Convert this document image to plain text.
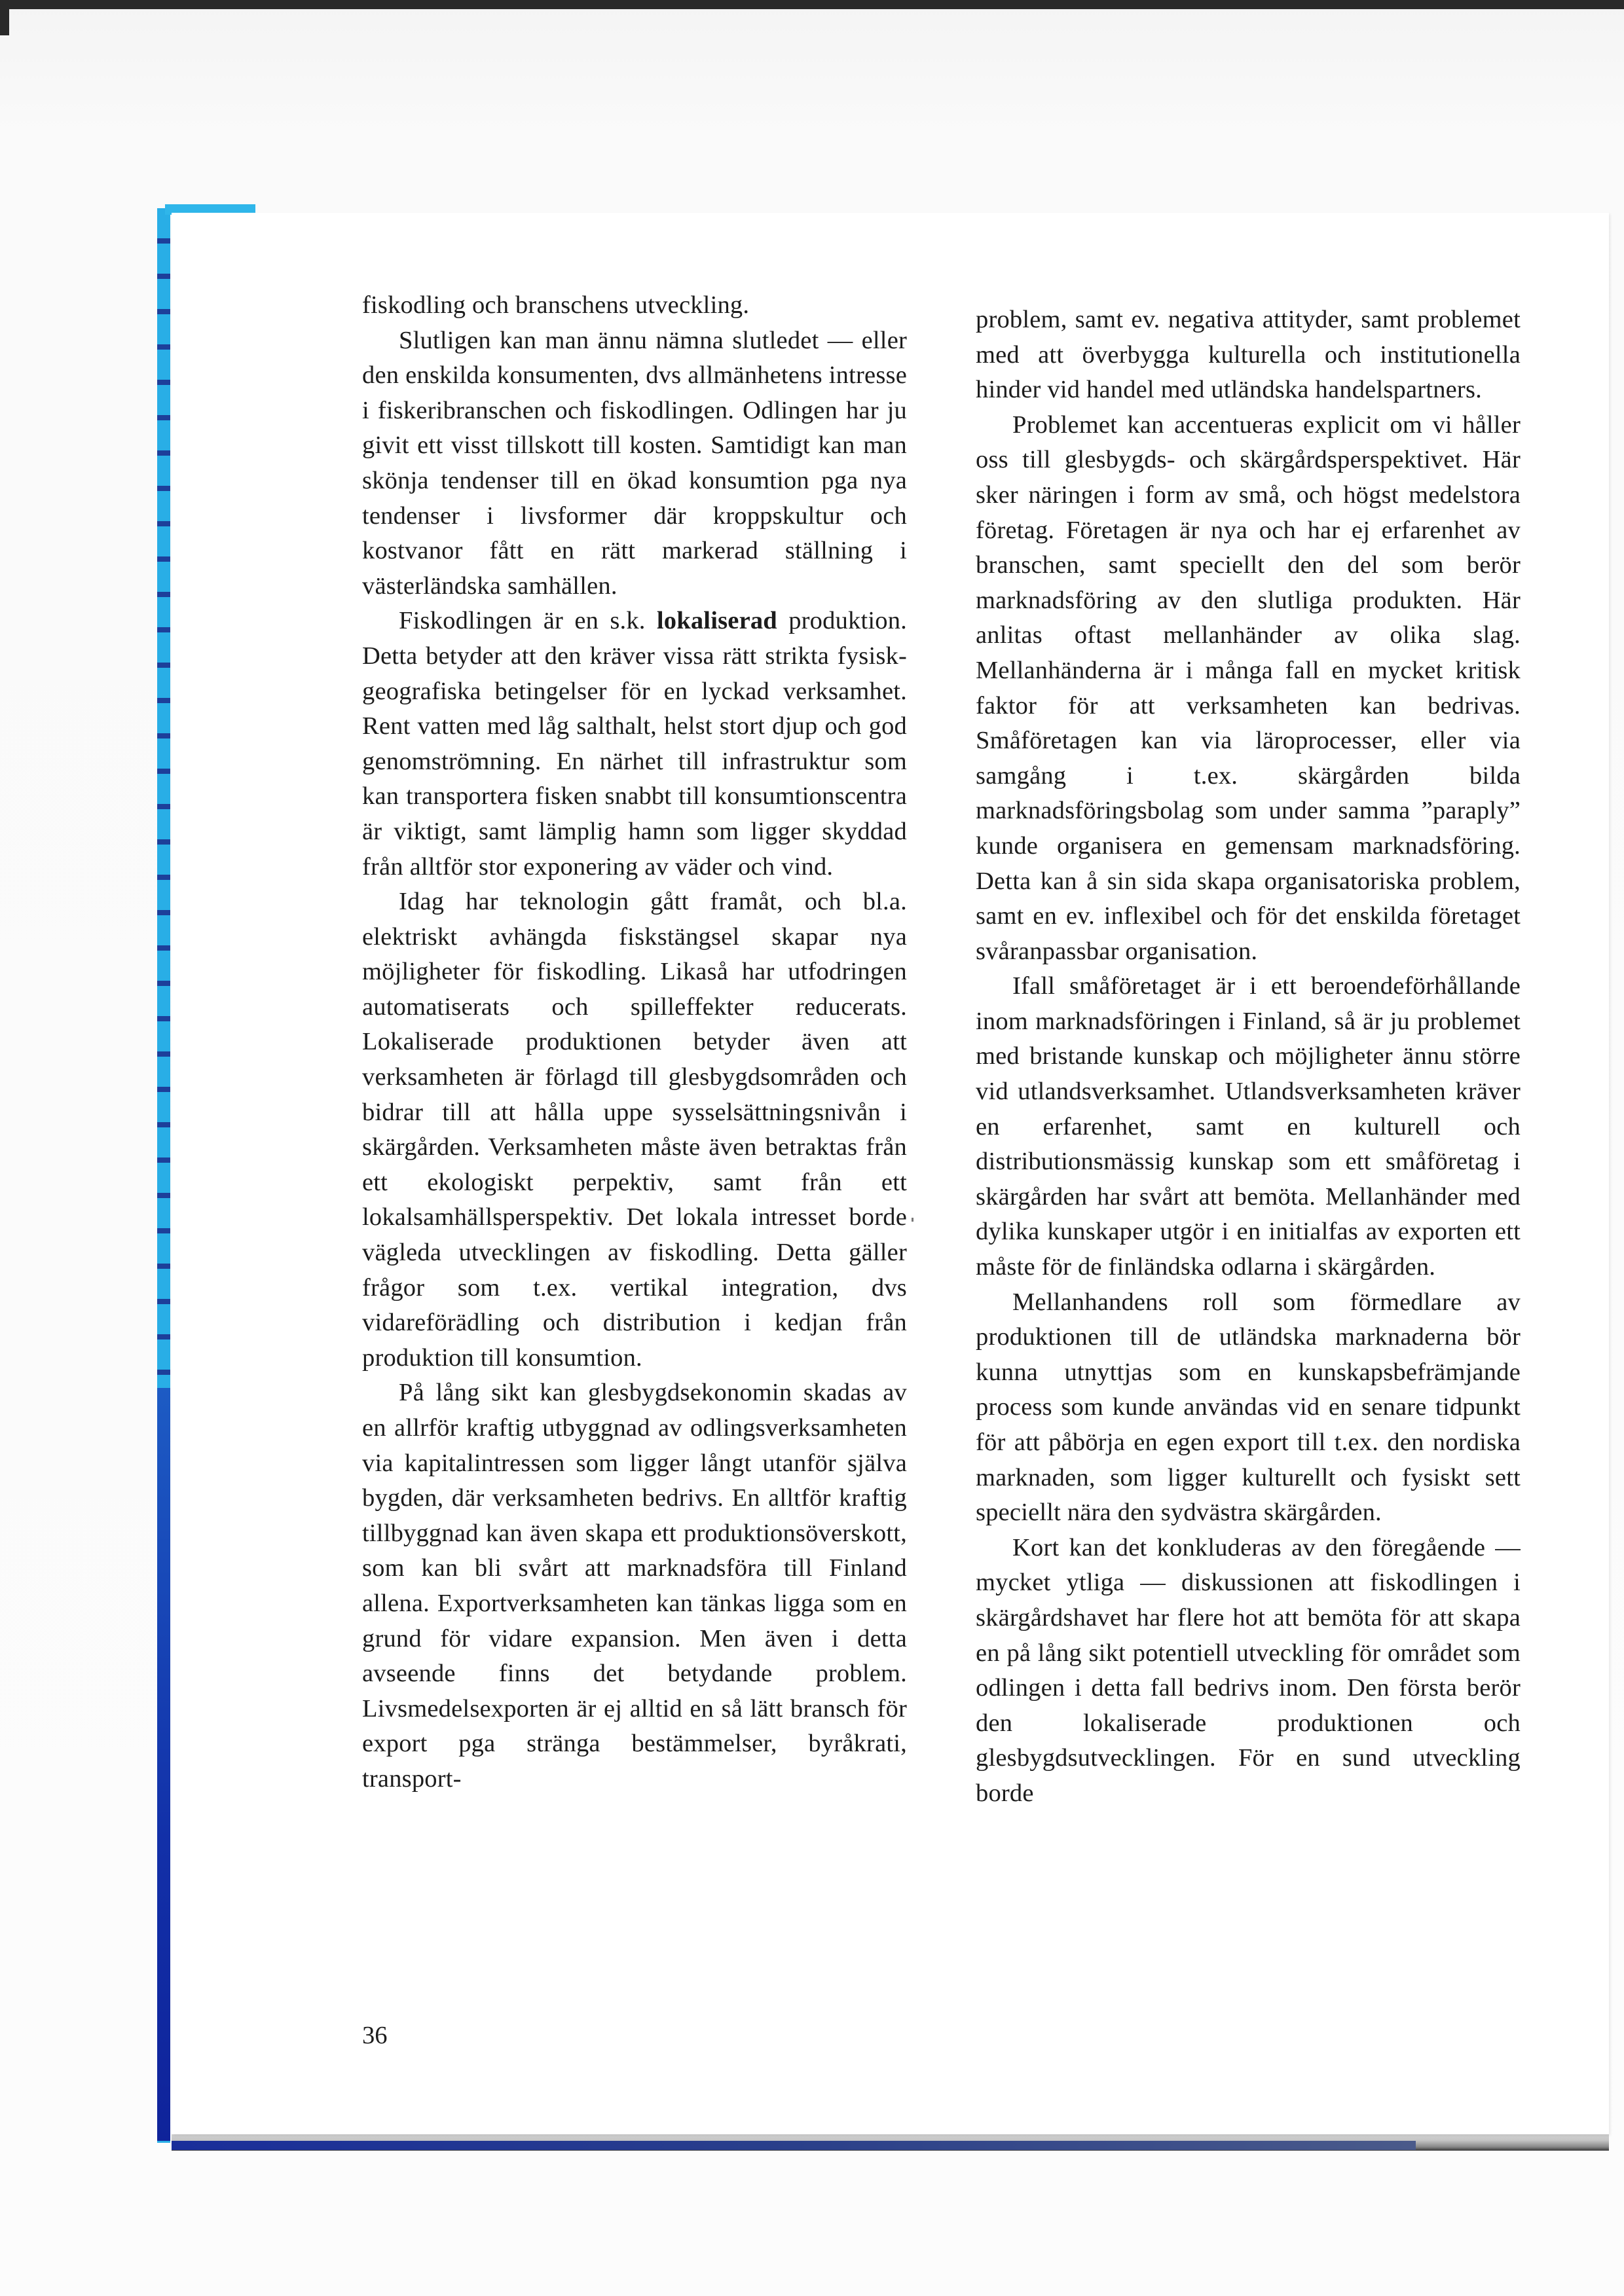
fiskodling och branschens utveckling.

Slutligen kan man ännu nämna slutledet — eller den enskilda konsumenten, dvs allmänhetens intresse i fiskeribranschen och fiskodlingen. Odlingen har ju givit ett visst tillskott till kosten. Samtidigt kan man skönja tendenser till en ökad konsumtion pga nya tendenser i livsformer där kroppskultur och kostvanor fått en rätt markerad ställning i västerländska samhällen.

Fiskodlingen är en s.k. lokaliserad produktion. Detta betyder att den kräver vissa rätt strikta fysisk-geografiska betingelser för en lyckad verksamhet. Rent vatten med låg salthalt, helst stort djup och god genomströmning. En närhet till infrastruktur som kan transportera fisken snabbt till konsumtionscentra är viktigt, samt lämplig hamn som ligger skyddad från alltför stor exponering av väder och vind.

Idag har teknologin gått framåt, och bl.a. elektriskt avhängda fiskstängsel skapar nya möjligheter för fiskodling. Likaså har utfodringen automatiserats och spilleffekter reducerats. Lokaliserade produktionen betyder även att verksamheten är förlagd till glesbygdsområden och bidrar till att hålla uppe sysselsättningsnivån i skärgården. Verksamheten måste även betraktas från ett ekologiskt perpektiv, samt från ett lokalsamhällsperspektiv. Det lokala intresset borde vägleda utvecklingen av fiskodling. Detta gäller frågor som t.ex. vertikal integration, dvs vidareförädling och distribution i kedjan från produktion till konsumtion.

På lång sikt kan glesbygdsekonomin skadas av en allrför kraftig utbyggnad av odlingsverksamheten via kapitalintressen som ligger långt utanför själva bygden, där verksamheten bedrivs. En alltför kraftig tillbyggnad kan även skapa ett produktionsöverskott, som kan bli svårt att marknadsföra till Finland allena. Exportverksamheten kan tänkas ligga som en grund för vidare expansion. Men även i detta avseende finns det betydande problem. Livsmedelsexporten är ej alltid en så lätt bransch för export pga stränga bestämmelser, byråkrati, transport-

problem, samt ev. negativa attityder, samt problemet med att överbygga kulturella och institutionella hinder vid handel med utländska handelspartners.

Problemet kan accentueras explicit om vi håller oss till glesbygds- och skärgårdsperspektivet. Här sker näringen i form av små, och högst medelstora företag. Företagen är nya och har ej erfarenhet av branschen, samt speciellt den del som berör marknadsföring av den slutliga produkten. Här anlitas oftast mellanhänder av olika slag. Mellanhänderna är i många fall en mycket kritisk faktor för att verksamheten kan bedrivas. Småföretagen kan via läroprocesser, eller via samgång i t.ex. skärgården bilda marknadsföringsbolag som under samma ”paraply” kunde organisera en gemensam marknadsföring. Detta kan å sin sida skapa organisatoriska problem, samt en ev. inflexibel och för det enskilda företaget svåranpassbar organisation.

Ifall småföretaget är i ett beroendeförhållande inom marknadsföringen i Finland, så är ju problemet med bristande kunskap och möjligheter ännu större vid utlandsverksamhet. Utlandsverksamheten kräver en erfarenhet, samt en kulturell och distributionsmässig kunskap som ett småföretag i skärgården har svårt att bemöta. Mellanhänder med dylika kunskaper utgör i en initialfas av exporten ett måste för de finländska odlarna i skärgården.

Mellanhandens roll som förmedlare av produktionen till de utländska marknaderna bör kunna utnyttjas som en kunskapsbefrämjande process som kunde användas vid en senare tidpunkt för att påbörja en egen export till t.ex. den nordiska marknaden, som ligger kulturellt och fysiskt sett speciellt nära den sydvästra skärgården.

Kort kan det konkluderas av den föregående — mycket ytliga — diskussionen att fiskodlingen i skärgårdshavet har flere hot att bemöta för att skapa en på lång sikt potentiell utveckling för området som odlingen i detta fall bedrivs inom. Den första berör den lokaliserade produktionen och glesbygdsutvecklingen. För en sund utveckling borde

36
